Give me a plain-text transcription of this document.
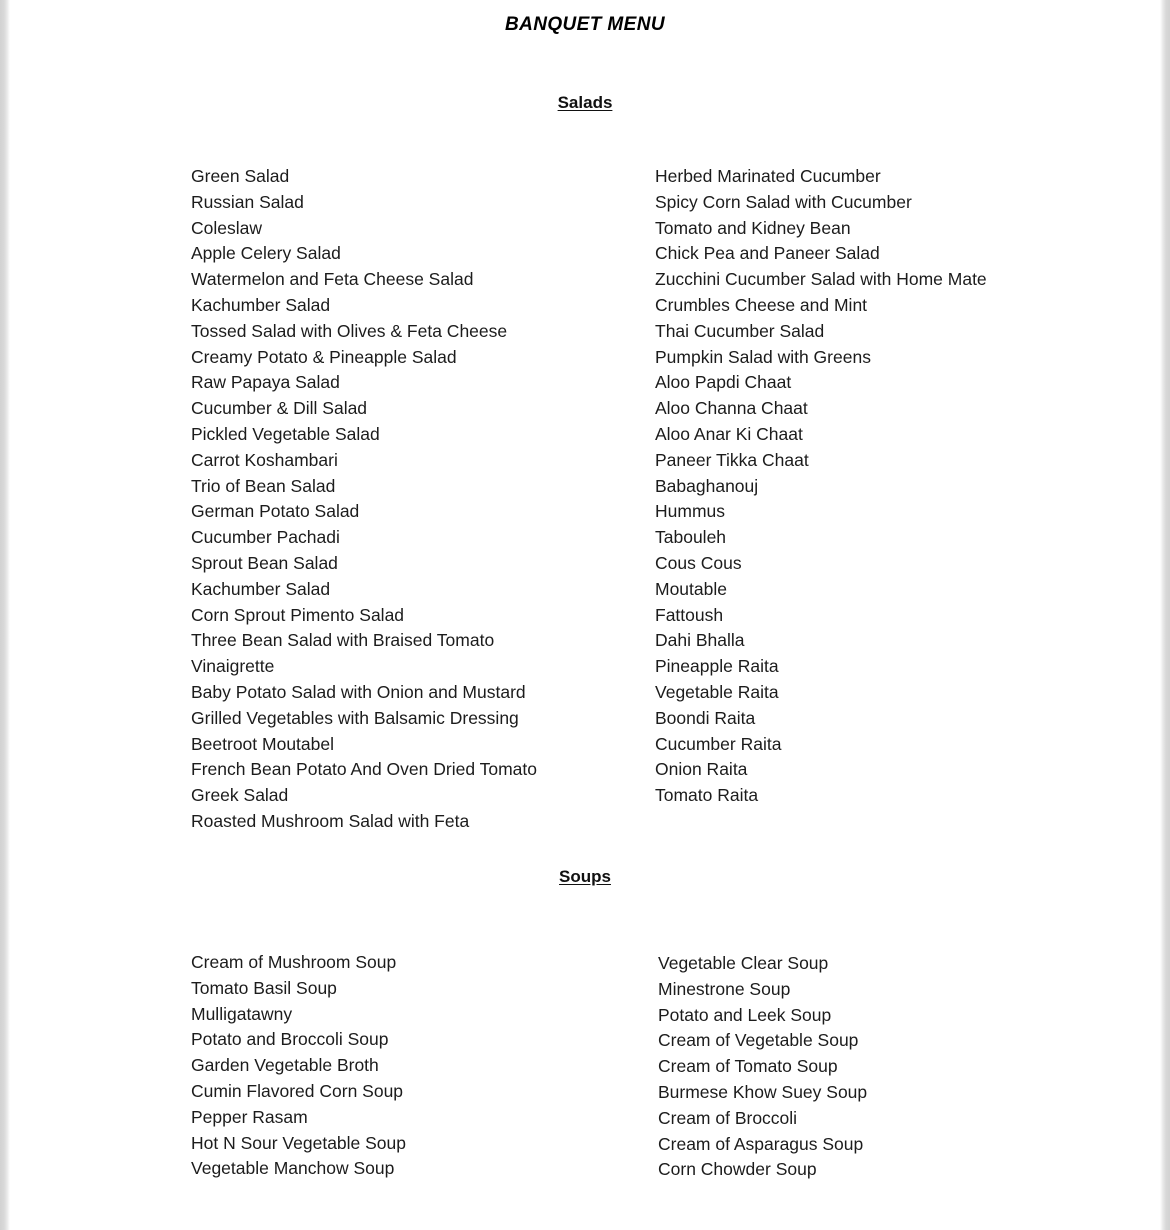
BANQUET MENU
Salads
Green Salad
Russian Salad
Coleslaw
Apple Celery Salad
Watermelon and Feta Cheese Salad
Kachumber Salad
Tossed Salad with Olives & Feta Cheese
Creamy Potato & Pineapple Salad
Raw Papaya Salad
Cucumber & Dill Salad
Pickled Vegetable Salad
Carrot Koshambari
Trio of Bean Salad
German Potato Salad
Cucumber Pachadi
Sprout Bean Salad
Kachumber Salad
Corn Sprout Pimento Salad
Three Bean Salad with Braised Tomato
Vinaigrette
Baby Potato Salad with Onion and Mustard
Grilled Vegetables with Balsamic Dressing
Beetroot Moutabel
French Bean Potato And Oven Dried Tomato
Greek Salad
Roasted Mushroom Salad with Feta
Herbed Marinated Cucumber
Spicy Corn Salad with Cucumber
Tomato and Kidney Bean
Chick Pea and Paneer Salad
Zucchini Cucumber Salad with Home Mate
Crumbles Cheese and Mint
Thai Cucumber Salad
Pumpkin Salad with Greens
Aloo Papdi Chaat
Aloo Channa Chaat
Aloo Anar Ki Chaat
Paneer Tikka Chaat
Babaghanouj
Hummus
Tabouleh
Cous Cous
Moutable
Fattoush
Dahi Bhalla
Pineapple Raita
Vegetable Raita
Boondi Raita
Cucumber Raita
Onion Raita
Tomato Raita
Soups
Cream of Mushroom Soup
Tomato Basil Soup
Mulligatawny
Potato and Broccoli Soup
Garden Vegetable Broth
Cumin Flavored Corn Soup
Pepper Rasam
Hot N Sour Vegetable Soup
Vegetable Manchow Soup
Vegetable Clear Soup
Minestrone Soup
Potato and Leek Soup
Cream of Vegetable Soup
Cream of Tomato Soup
Burmese Khow Suey Soup
Cream of Broccoli
Cream of Asparagus Soup
Corn Chowder Soup
